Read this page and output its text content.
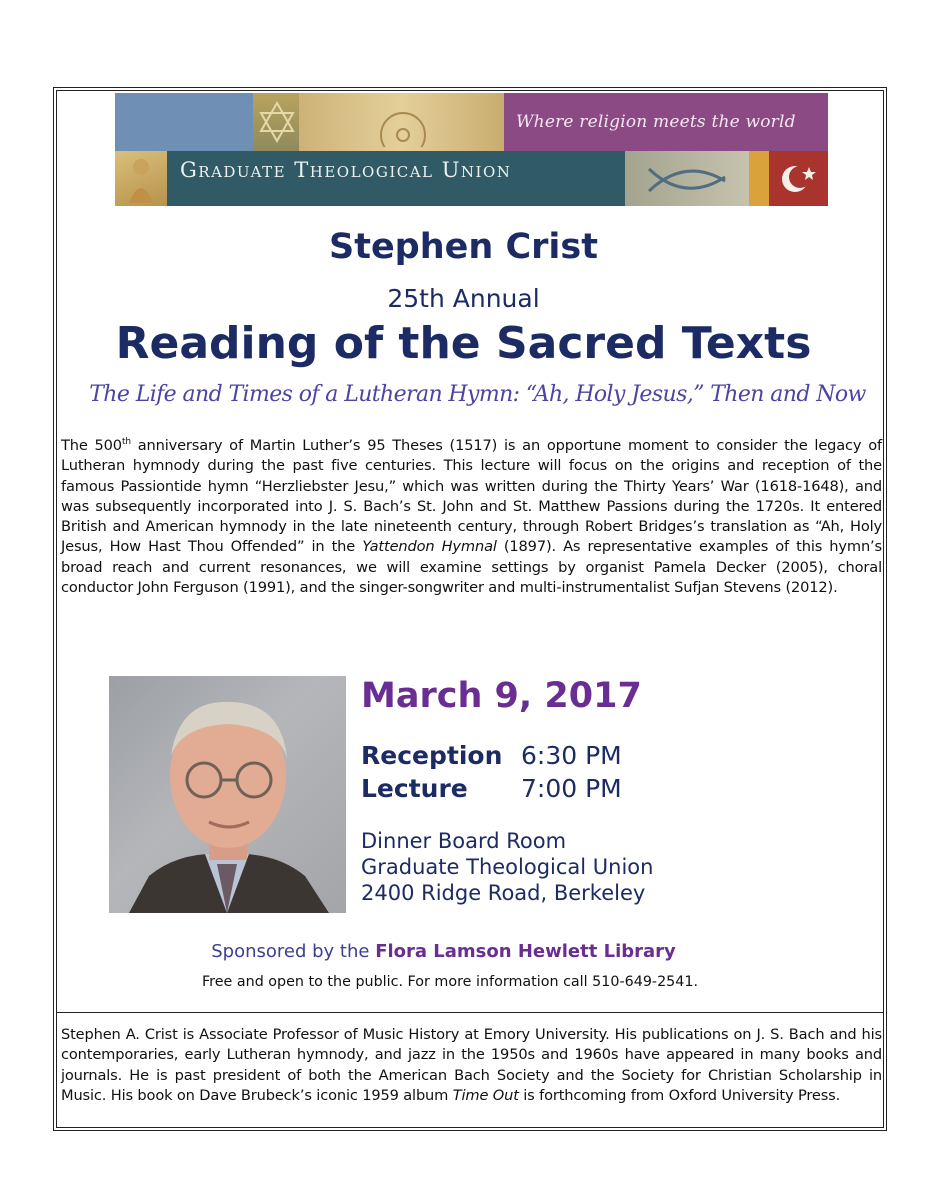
Where religion meets the world
Graduate Theological Union
Stephen Crist
25th Annual
Reading of the Sacred Texts
The Life and Times of a Lutheran Hymn: “Ah, Holy Jesus,” Then and Now
The 500th anniversary of Martin Luther’s 95 Theses (1517) is an opportune moment to consider the legacy of Lutheran hymnody during the past five centuries. This lecture will focus on the origins and reception of the famous Passiontide hymn “Herzliebster Jesu,” which was written during the Thirty Years’ War (1618-1648), and was subsequently incorporated into J. S. Bach’s St. John and St. Matthew Passions during the 1720s. It entered British and American hymnody in the late nineteenth century, through Robert Bridges’s translation as “Ah, Holy Jesus, How Hast Thou Offended” in the Yattendon Hymnal (1897). As representative examples of this hymn’s broad reach and current resonances, we will examine settings by organist Pamela Decker (2005), choral conductor John Ferguson (1991), and the singer-songwriter and multi-instrumentalist Sufjan Stevens (2012).
March 9, 2017
Reception 6:30 PM
Lecture 7:00 PM
Dinner Board Room
Graduate Theological Union
2400 Ridge Road, Berkeley
Sponsored by the Flora Lamson Hewlett Library
Free and open to the public. For more information call 510-649-2541.
Stephen A. Crist is Associate Professor of Music History at Emory University. His publications on J. S. Bach and his contemporaries, early Lutheran hymnody, and jazz in the 1950s and 1960s have appeared in many books and journals. He is past president of both the American Bach Society and the Society for Christian Scholarship in Music. His book on Dave Brubeck’s iconic 1959 album Time Out is forthcoming from Oxford University Press.
